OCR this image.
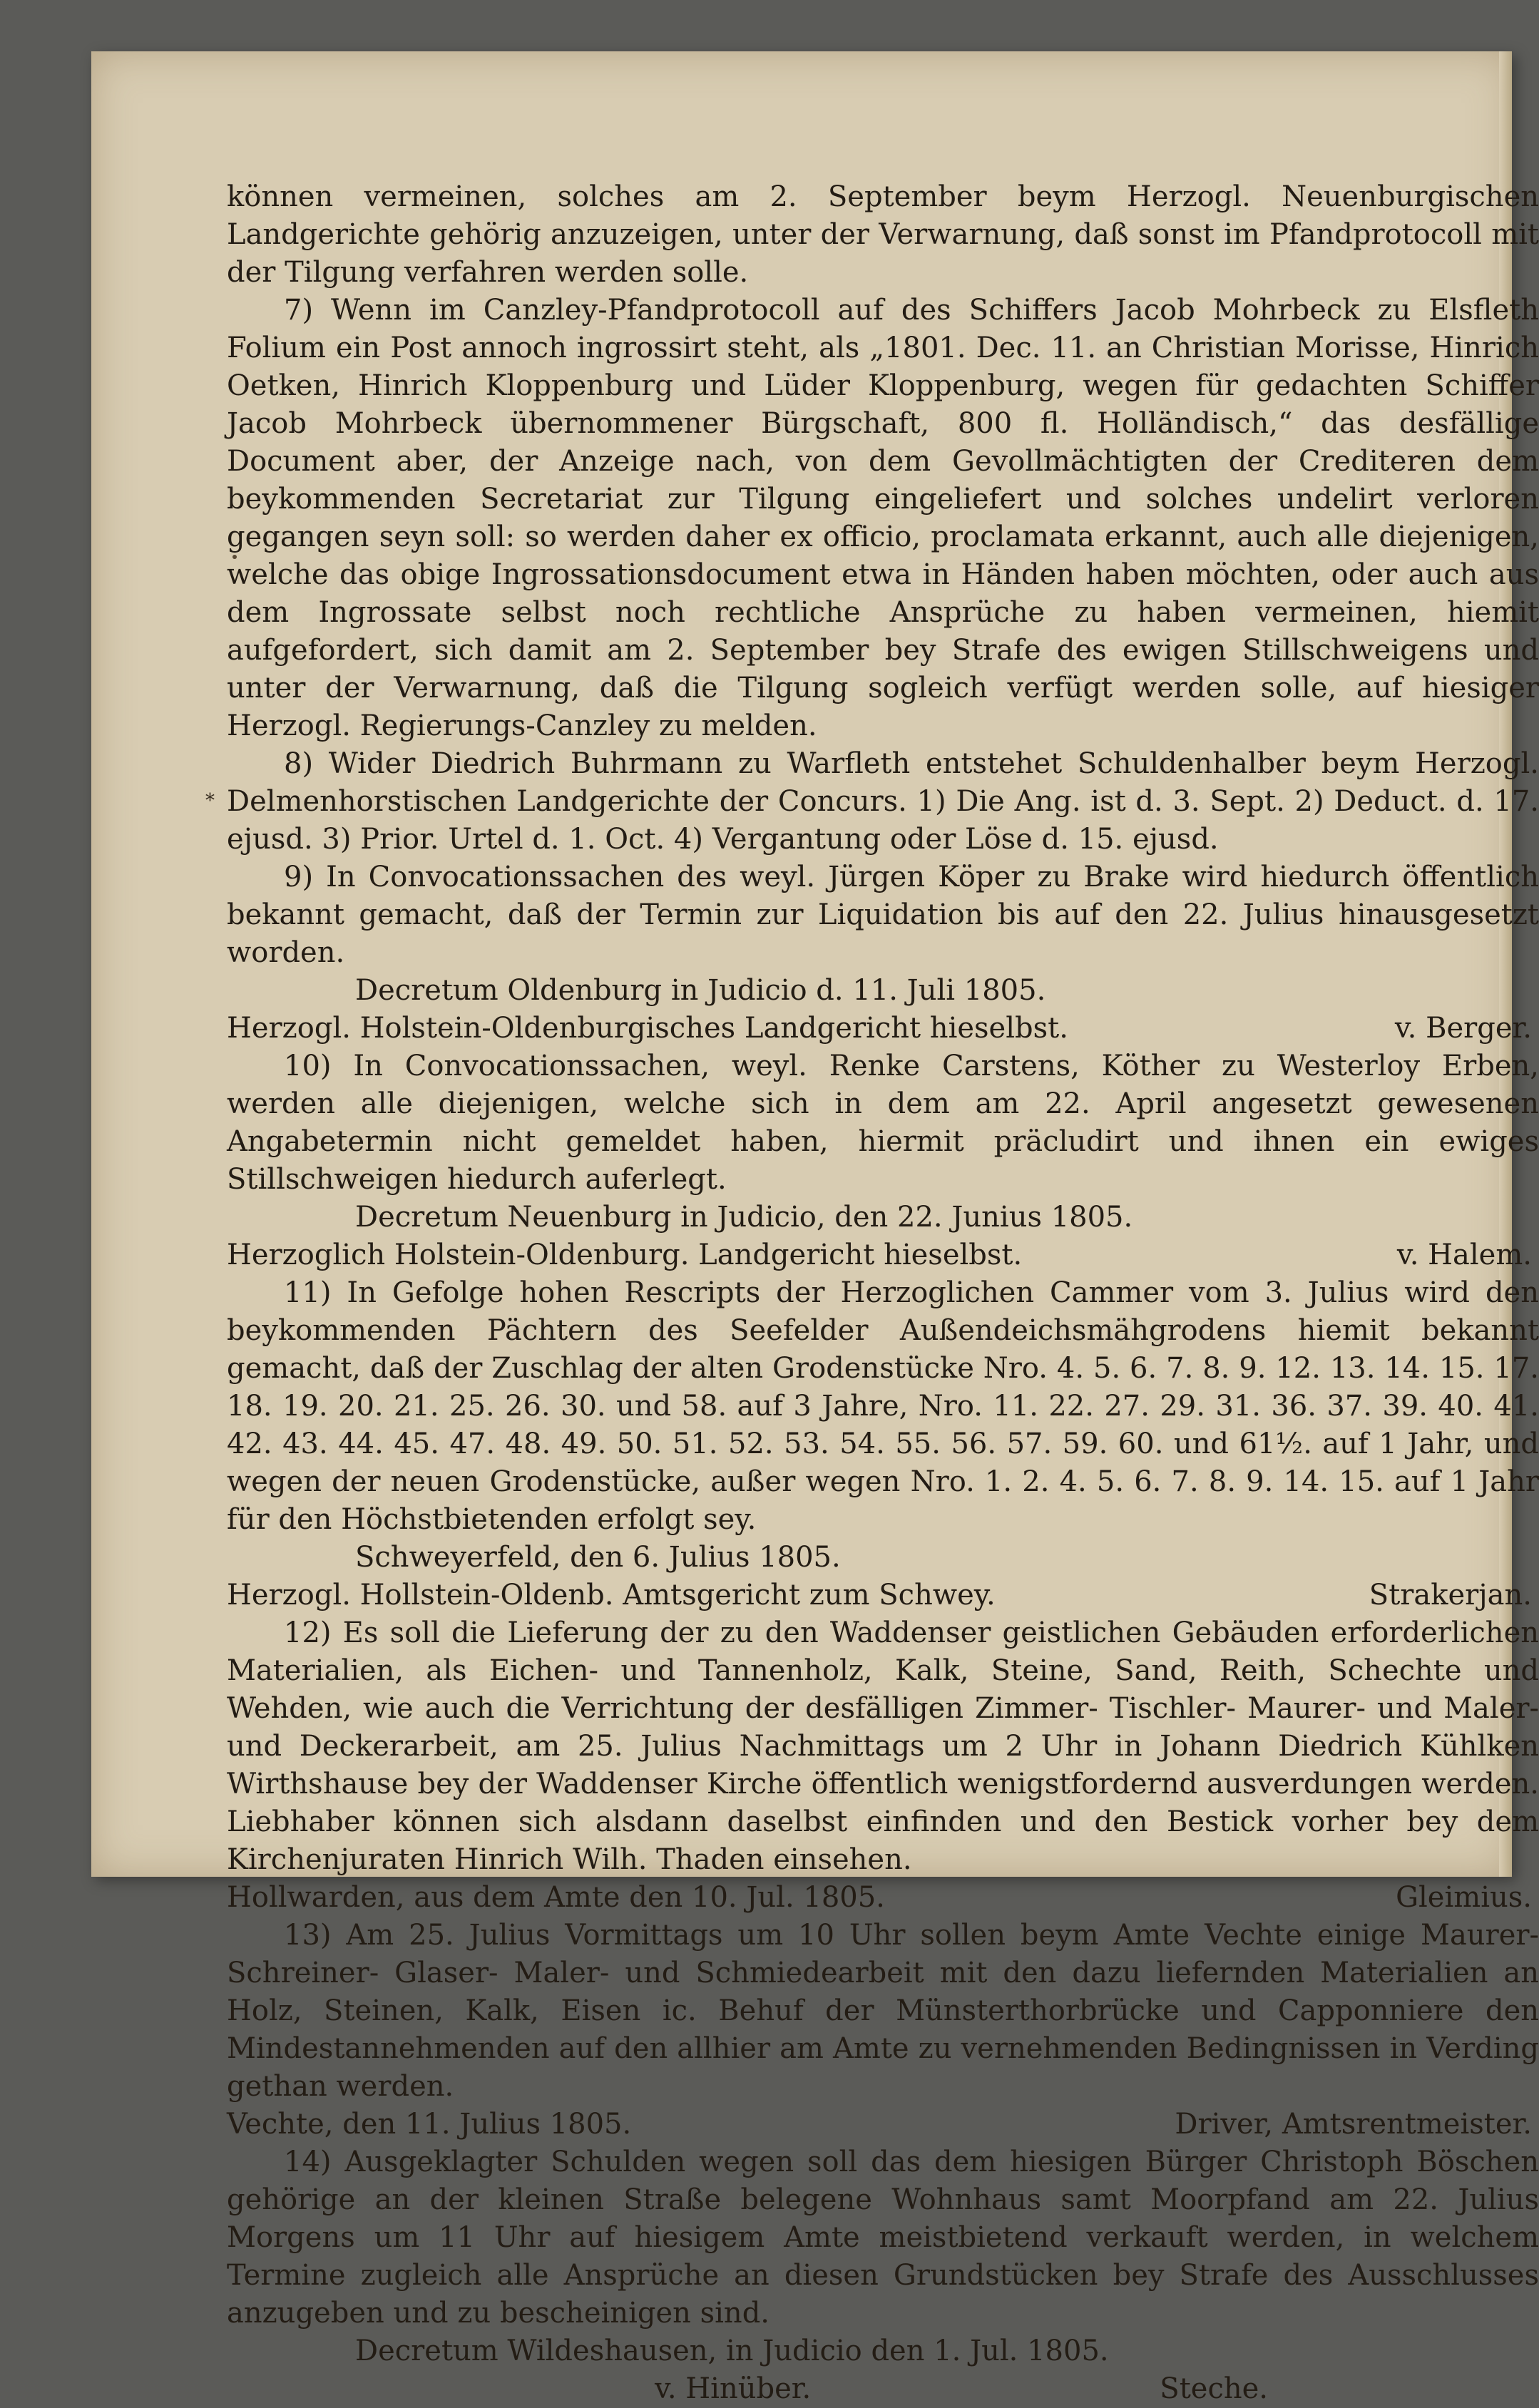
*

können vermeinen, solches am 2. September beym Herzogl. Neuenburgischen Landgerichte gehörig anzuzeigen, unter der Verwarnung, daß sonst im Pfandprotocoll mit der Tilgung verfahren werden solle.

7) Wenn im Canzley-Pfandprotocoll auf des Schiffers Jacob Mohrbeck zu Elsfleth Folium ein Post annoch ingrossirt steht, als „1801. Dec. 11. an Christian Morisse, Hinrich Oetken, Hinrich Kloppenburg und Lüder Kloppenburg, wegen für gedachten Schiffer Jacob Mohrbeck übernommener Bürgschaft, 800 fl. Holländisch,“ das desfällige Document aber, der Anzeige nach, von dem Gevollmächtigten der Crediteren dem beykommenden Secretariat zur Tilgung eingeliefert und solches undelirt verloren gegangen seyn soll: so werden daher ex officio, proclamata erkannt, auch alle diejenigen, welche das obige Ingrossationsdocument etwa in Händen haben möchten, oder auch aus dem Ingrossate selbst noch rechtliche Ansprüche zu haben vermeinen, hiemit aufgefordert, sich damit am 2. September bey Strafe des ewigen Stillschweigens und unter der Verwarnung, daß die Tilgung sogleich verfügt werden solle, auf hiesiger Herzogl. Regierungs-Canzley zu melden.

8) Wider Diedrich Buhrmann zu Warfleth entstehet Schuldenhalber beym Herzogl. Delmenhorstischen Landgerichte der Concurs. 1) Die Ang. ist d. 3. Sept. 2) Deduct. d. 17. ejusd. 3) Prior. Urtel d. 1. Oct. 4) Vergantung oder Löse d. 15. ejusd.

9) In Convocationssachen des weyl. Jürgen Köper zu Brake wird hiedurch öffentlich bekannt gemacht, daß der Termin zur Liquidation bis auf den 22. Julius hinausgesetzt worden.

Decretum Oldenburg in Judicio d. 11. Juli 1805.

Herzogl. Holstein-Oldenburgisches Landgericht hieselbst.	v. Berger.

10) In Convocationssachen, weyl. Renke Carstens, Köther zu Westerloy Erben, werden alle diejenigen, welche sich in dem am 22. April angesetzt gewesenen Angabetermin nicht gemeldet haben, hiermit präcludirt und ihnen ein ewiges Stillschweigen hiedurch auferlegt.

Decretum Neuenburg in Judicio, den 22. Junius 1805.

Herzoglich Holstein-Oldenburg. Landgericht hieselbst.	v. Halem.

11) In Gefolge hohen Rescripts der Herzoglichen Cammer vom 3. Julius wird den beykommenden Pächtern des Seefelder Außendeichsmähgrodens hiemit bekannt gemacht, daß der Zuschlag der alten Grodenstücke Nro. 4. 5. 6. 7. 8. 9. 12. 13. 14. 15. 17. 18. 19. 20. 21. 25. 26. 30. und 58. auf 3 Jahre, Nro. 11. 22. 27. 29. 31. 36. 37. 39. 40. 41. 42. 43. 44. 45. 47. 48. 49. 50. 51. 52. 53. 54. 55. 56. 57. 59. 60. und 61½. auf 1 Jahr, und wegen der neuen Grodenstücke, außer wegen Nro. 1. 2. 4. 5. 6. 7. 8. 9. 14. 15. auf 1 Jahr für den Höchstbietenden erfolgt sey.

Schweyerfeld, den 6. Julius 1805.

Herzogl. Hollstein-Oldenb. Amtsgericht zum Schwey.	Strakerjan.

12) Es soll die Lieferung der zu den Waddenser geistlichen Gebäuden erforderlichen Materialien, als Eichen- und Tannenholz, Kalk, Steine, Sand, Reith, Schechte und Wehden, wie auch die Verrichtung der desfälligen Zimmer- Tischler- Maurer- und Maler- und Deckerarbeit, am 25. Julius Nachmittags um 2 Uhr in Johann Diedrich Kühlken Wirthshause bey der Waddenser Kirche öffentlich wenigstfordernd ausverdungen werden. Liebhaber können sich alsdann daselbst einfinden und den Bestick vorher bey dem Kirchenjuraten Hinrich Wilh. Thaden einsehen.

Hollwarden, aus dem Amte den 10. Jul. 1805.	Gleimius.

13) Am 25. Julius Vormittags um 10 Uhr sollen beym Amte Vechte einige Maurer- Schreiner- Glaser- Maler- und Schmiedearbeit mit den dazu liefernden Materialien an Holz, Steinen, Kalk, Eisen ic. Behuf der Münsterthorbrücke und Capponniere den Mindestannehmenden auf den allhier am Amte zu vernehmenden Bedingnissen in Verding gethan werden.

Vechte, den 11. Julius 1805.	Driver, Amtsrentmeister.

14) Ausgeklagter Schulden wegen soll das dem hiesigen Bürger Christoph Böschen gehörige an der kleinen Straße belegene Wohnhaus samt Moorpfand am 22. Julius Morgens um 11 Uhr auf hiesigem Amte meistbietend verkauft werden, in welchem Termine zugleich alle Ansprüche an diesen Grundstücken bey Strafe des Ausschlusses anzugeben und zu bescheinigen sind.

Decretum Wildeshausen, in Judicio den 1. Jul. 1805.

v. Hinüber.	Steche.
